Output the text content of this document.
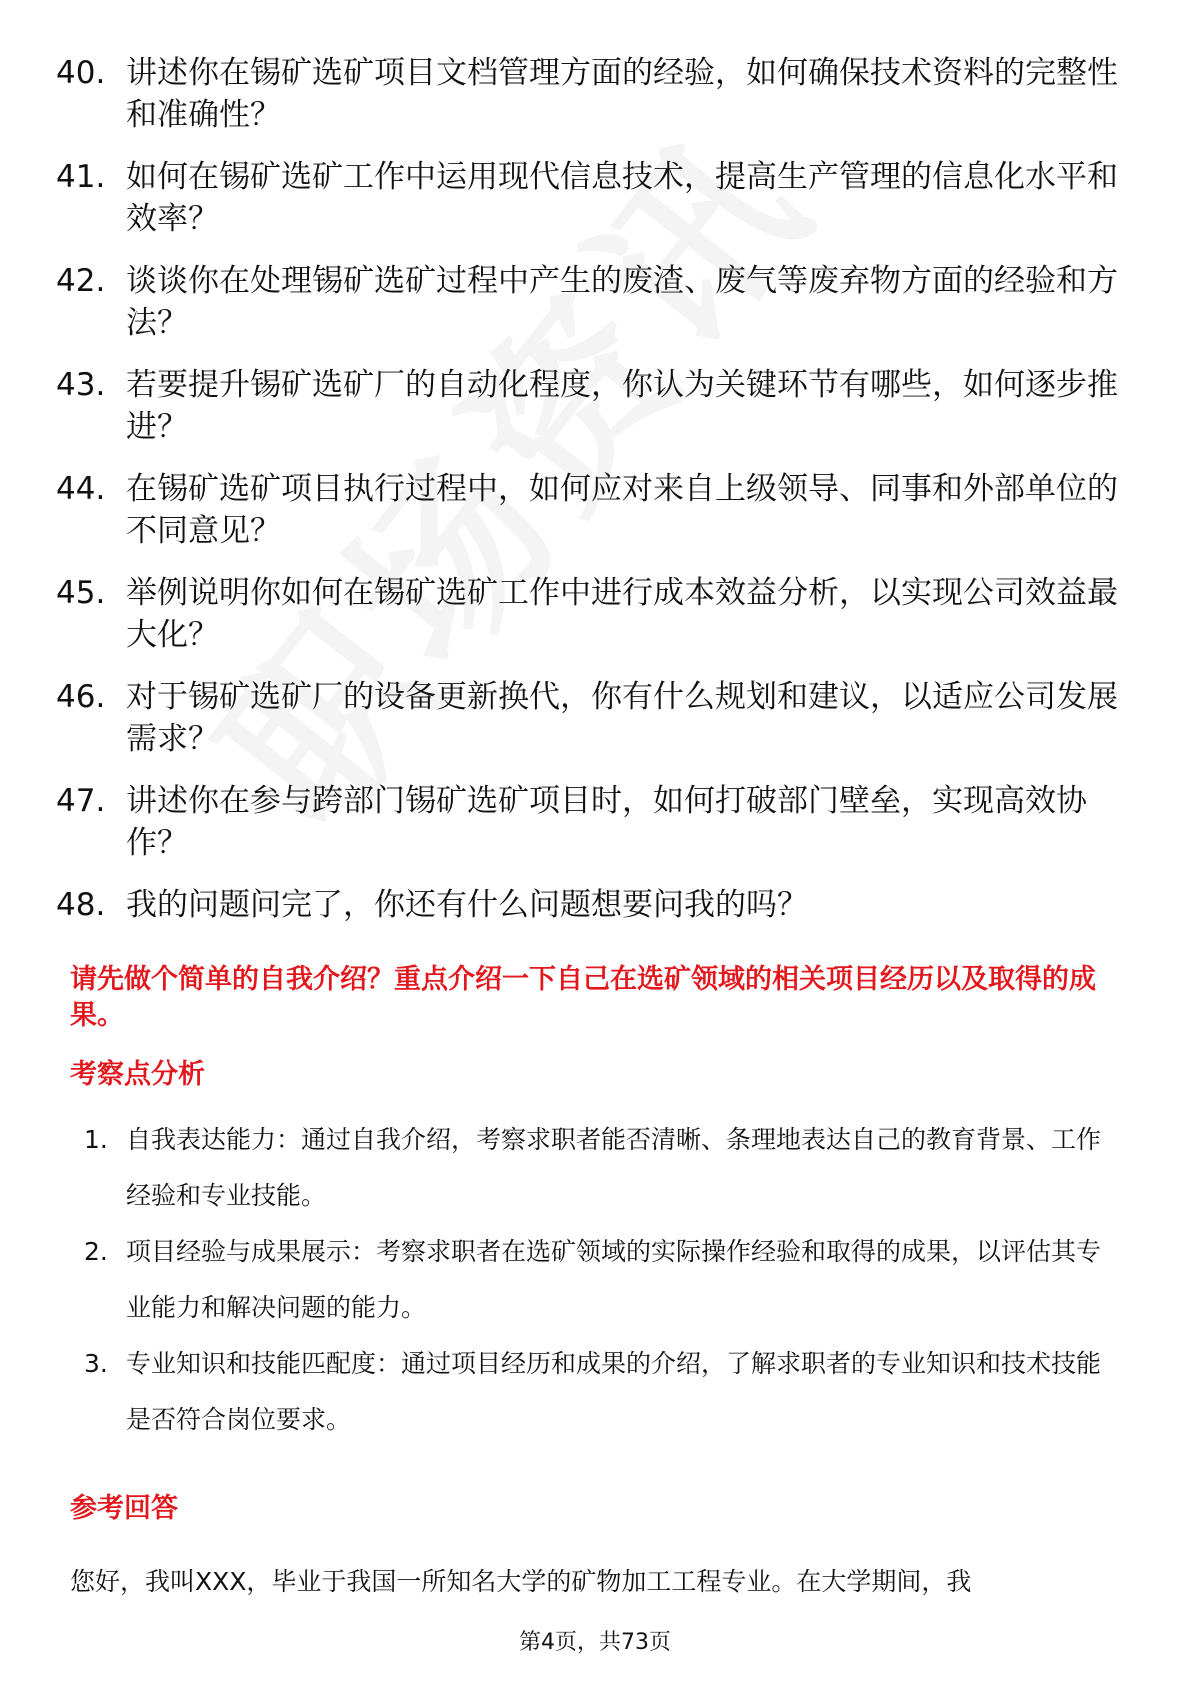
40. 讲述你在锡矿选矿项目文档管理方面的经验，如何确保技术资料的完整性和准确性？
41. 如何在锡矿选矿工作中运用现代信息技术，提高生产管理的信息化水平和效率？
42. 谈谈你在处理锡矿选矿过程中产生的废渣、废气等废弃物方面的经验和方法？
43. 若要提升锡矿选矿厂的自动化程度，你认为关键环节有哪些，如何逐步推进？
44. 在锡矿选矿项目执行过程中，如何应对来自上级领导、同事和外部单位的不同意见？
45. 举例说明你如何在锡矿选矿工作中进行成本效益分析，以实现公司效益最大化？
46. 对于锡矿选矿厂的设备更新换代，你有什么规划和建议，以适应公司发展需求？
47. 讲述你在参与跨部门锡矿选矿项目时，如何打破部门壁垒，实现高效协作？
48. 我的问题问完了，你还有什么问题想要问我的吗？

请先做个简单的自我介绍？重点介绍一下自己在选矿领域的相关项目经历以及取得的成果。

考察点分析
1. 自我表达能力：通过自我介绍，考察求职者能否清晰、条理地表达自己的教育背景、工作经验和专业技能。
2. 项目经验与成果展示：考察求职者在选矿领域的实际操作经验和取得的成果，以评估其专业能力和解决问题的能力。
3. 专业知识和技能匹配度：通过项目经历和成果的介绍，了解求职者的专业知识和技术技能是否符合岗位要求。
参考回答

您好，我叫XXX，毕业于我国一所知名大学的矿物加工工程专业。在大学期间，我

第4页，共73页
